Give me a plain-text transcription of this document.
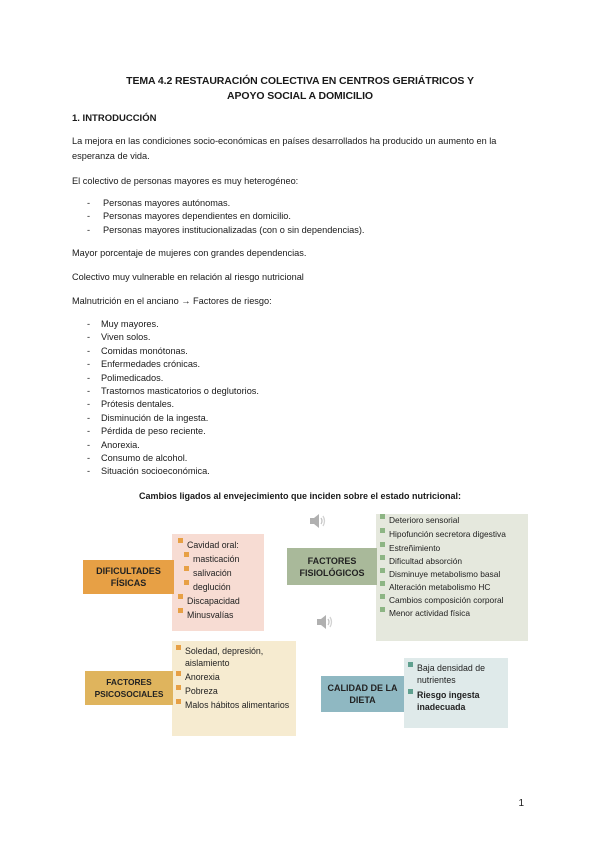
TEMA 4.2 RESTAURACIÓN COLECTIVA EN CENTROS GERIÁTRICOS Y
APOYO SOCIAL A DOMICILIO
1. INTRODUCCIÓN
La mejora en las condiciones socio-económicas en países desarrollados ha producido un aumento en la esperanza de vida.
El colectivo de personas mayores es muy heterogéneo:
- Personas mayores autónomas.
- Personas mayores dependientes en domicilio.
- Personas mayores institucionalizadas (con o sin dependencias).
Mayor porcentaje de mujeres con grandes dependencias.
Colectivo muy vulnerable en relación al riesgo nutricional
Malnutrición en el anciano → Factores de riesgo:
- Muy mayores.
- Viven solos.
- Comidas monótonas.
- Enfermedades crónicas.
- Polimedicados.
- Trastornos masticatorios o deglutorios.
- Prótesis dentales.
- Disminución de la ingesta.
- Pérdida de peso reciente.
- Anorexia.
- Consumo de alcohol.
- Situación socioeconómica.
Cambios ligados al envejecimiento que inciden sobre el estado nutricional:
Cavidad oral:
masticación
salivación
deglución
Discapacidad
Minusvalías
DIFICULTADES FÍSICAS
Deterioro sensorial
Hipofunción secretora digestiva
Estreñimiento
Dificultad absorción
Disminuye metabolismo basal
Alteración metabolismo HC
Cambios composición corporal
Menor actividad física
FACTORES FISIOLÓGICOS
Soledad, depresión, aislamiento
Anorexia
Pobreza
Malos hábitos alimentarios
FACTORES PSICOSOCIALES
Baja densidad de nutrientes
Riesgo ingesta inadecuada
CALIDAD DE LA DIETA
1
